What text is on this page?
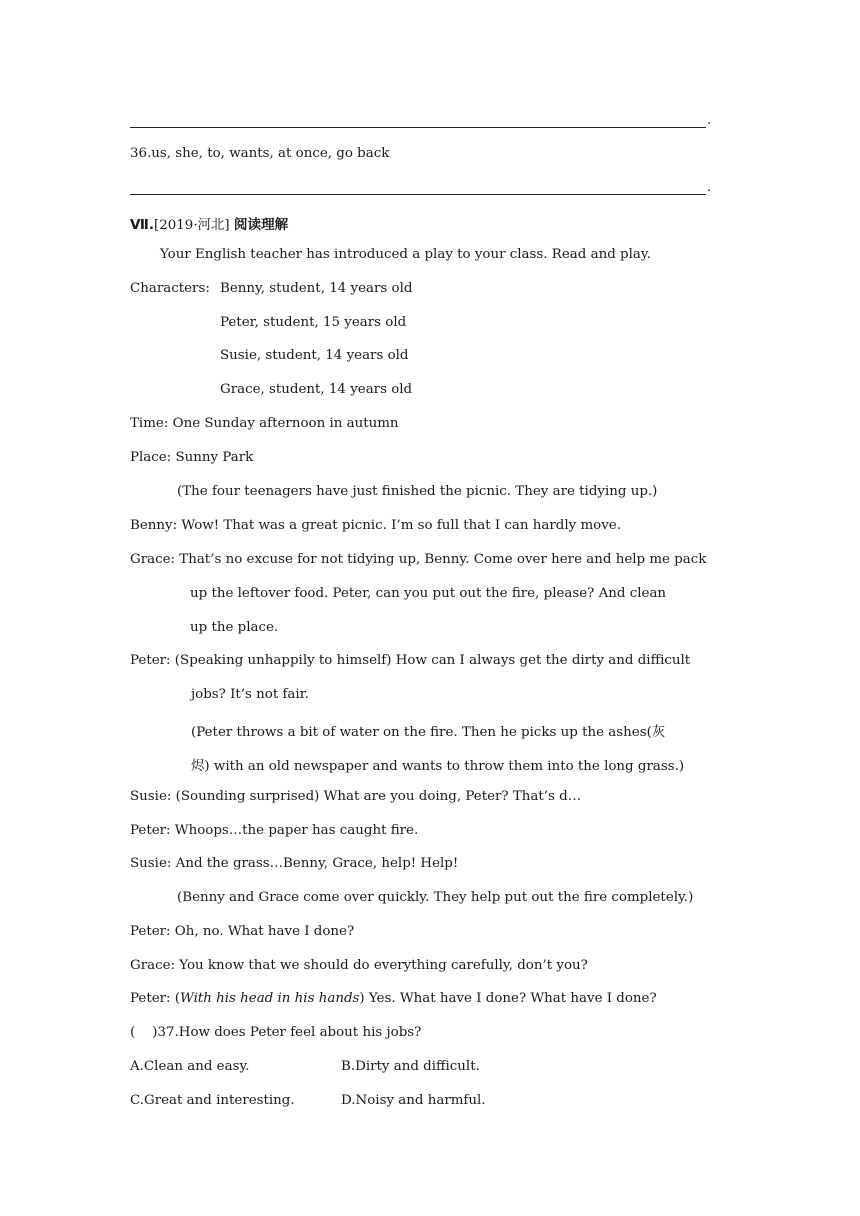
.
36.us, she, to, wants, at once, go back
.
Ⅶ.[2019·河北] 阅读理解
Your English teacher has introduced a play to your class. Read and play.
Characters: Benny, student, 14 years old
Peter, student, 15 years old
Susie, student, 14 years old
Grace, student, 14 years old
Time: One Sunday afternoon in autumn
Place: Sunny Park
(The four teenagers have just finished the picnic. They are tidying up.)
Benny: Wow! That was a great picnic. I’m so full that I can hardly move.
Grace: That’s no excuse for not tidying up, Benny. Come over here and help me pack
up the leftover food. Peter, can you put out the fire, please? And clean
up the place.
Peter: (Speaking unhappily to himself) How can I always get the dirty and difficult
jobs? It’s not fair.
(Peter throws a bit of water on the fire. Then he picks up the ashes(灰
烬) with an old newspaper and wants to throw them into the long grass.)
Susie: (Sounding surprised) What are you doing, Peter? That’s d…
Peter: Whoops…the paper has caught fire.
Susie: And the grass…Benny, Grace, help! Help!
(Benny and Grace come over quickly. They help put out the fire completely.)
Peter: Oh, no. What have I done?
Grace: You know that we should do everything carefully, don’t you?
Peter: (With his head in his hands) Yes. What have I done? What have I done?
(    )37.How does Peter feel about his jobs?
A.Clean and easy.	B.Dirty and difficult.
C.Great and interesting.	D.Noisy and harmful.
